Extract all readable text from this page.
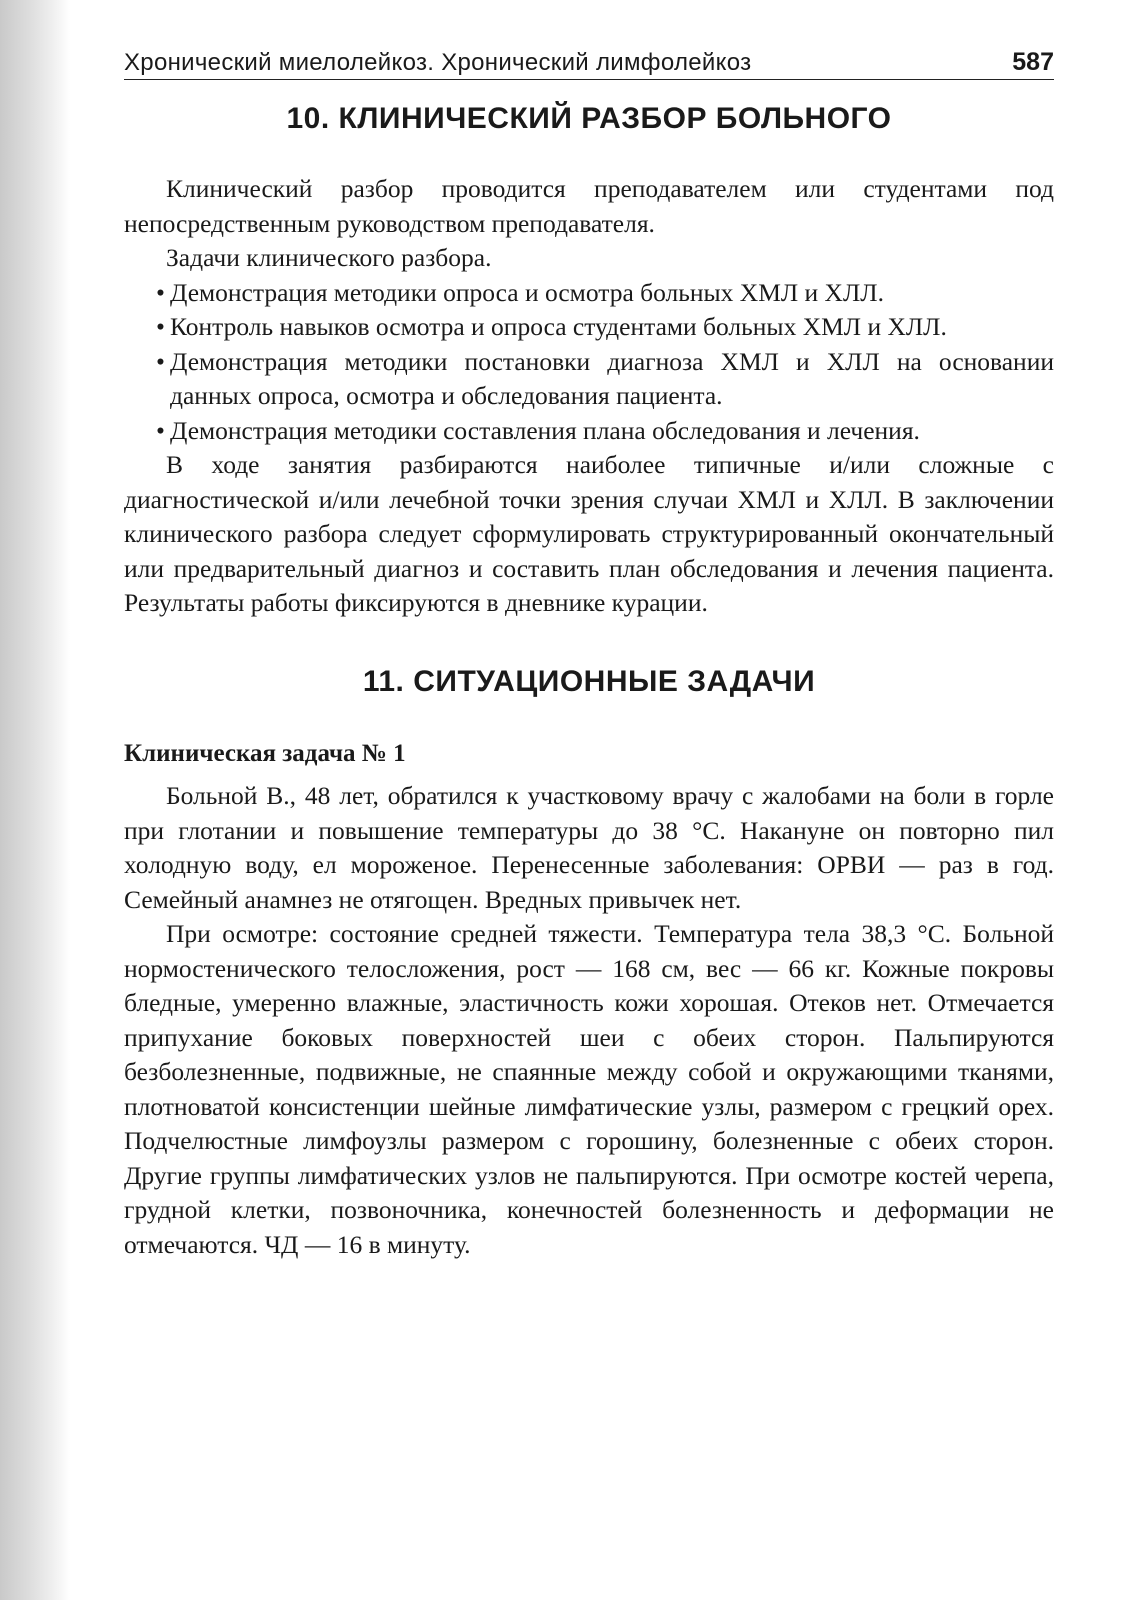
Хронический миелолейкоз. Хронический лимфолейкоз	587
10. КЛИНИЧЕСКИЙ РАЗБОР БОЛЬНОГО

Клинический разбор проводится преподавателем или студентами под непосредственным руководством преподавателя.

Задачи клинического разбора.

• Демонстрация методики опроса и осмотра больных ХМЛ и ХЛЛ.
• Контроль навыков осмотра и опроса студентами больных ХМЛ и ХЛЛ.
• Демонстрация методики постановки диагноза ХМЛ и ХЛЛ на основании данных опроса, осмотра и обследования пациента.
• Демонстрация методики составления плана обследования и лечения.

В ходе занятия разбираются наиболее типичные и/или сложные с диагностической и/или лечебной точки зрения случаи ХМЛ и ХЛЛ. В заключении клинического разбора следует сформулировать структурированный окончательный или предварительный диагноз и составить план обследования и лечения пациента. Результаты работы фиксируются в дневнике курации.

11. СИТУАЦИОННЫЕ ЗАДАЧИ

Клиническая задача № 1

Больной В., 48 лет, обратился к участковому врачу с жалобами на боли в горле при глотании и повышение температуры до 38 °С. Накануне он повторно пил холодную воду, ел мороженое. Перенесенные заболевания: ОРВИ — раз в год. Семейный анамнез не отягощен. Вредных привычек нет.

При осмотре: состояние средней тяжести. Температура тела 38,3 °С. Больной нормостенического телосложения, рост — 168 см, вес — 66 кг. Кожные покровы бледные, умеренно влажные, эластичность кожи хорошая. Отеков нет. Отмечается припухание боковых поверхностей шеи с обеих сторон. Пальпируются безболезненные, подвижные, не спаянные между собой и окружающими тканями, плотноватой консистенции шейные лимфатические узлы, размером с грецкий орех. Подчелюстные лимфоузлы размером с горошину, болезненные с обеих сторон. Другие группы лимфатических узлов не пальпируются. При осмотре костей черепа, грудной клетки, позвоночника, конечностей болезненность и деформации не отмечаются. ЧД — 16 в минуту.
